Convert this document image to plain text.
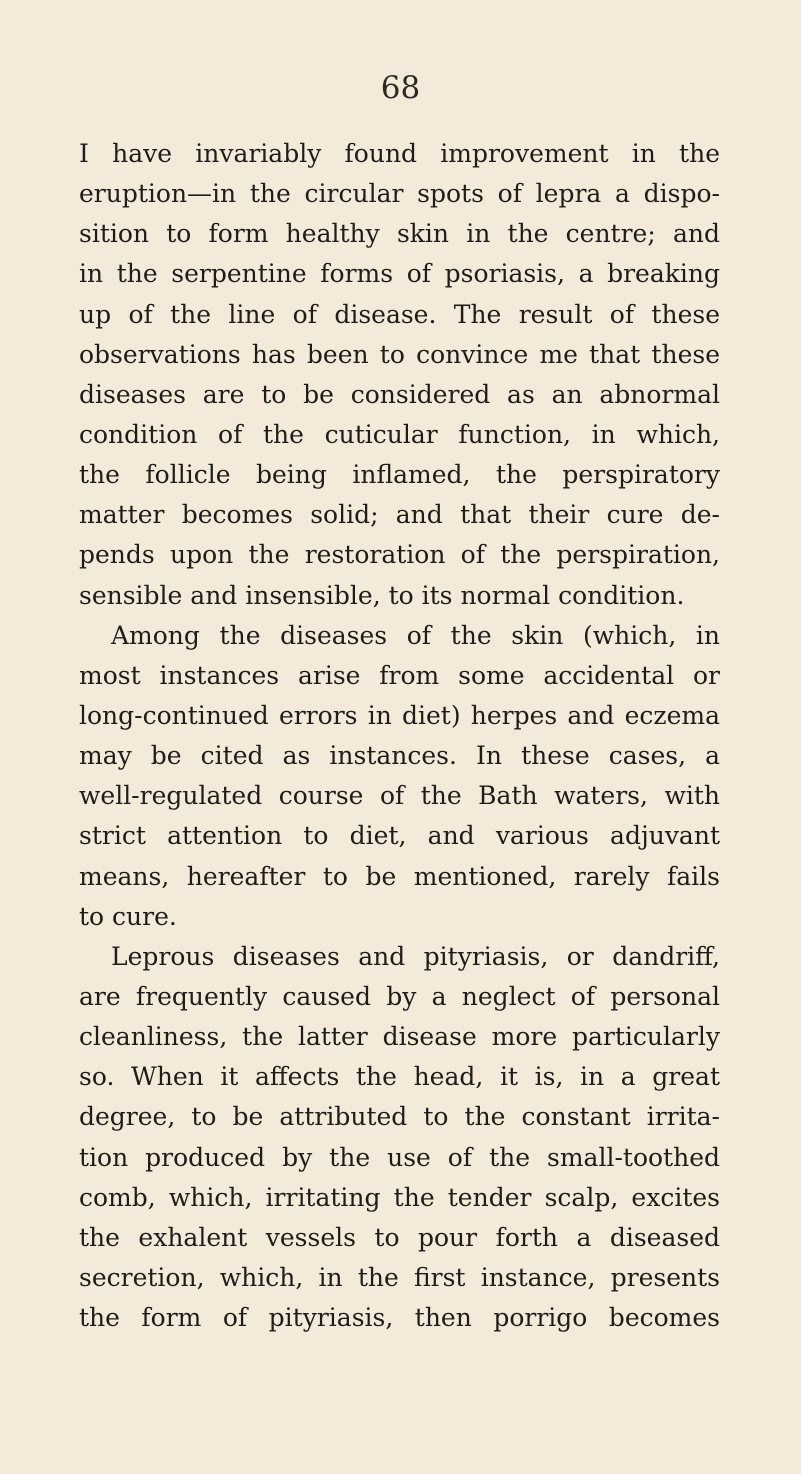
68
I have invariably found improvement in the
eruption—in the circular spots of lepra a dispo-
sition to form healthy skin in the centre; and
in the serpentine forms of psoriasis, a breaking
up of the line of disease. The result of these
observations has been to convince me that these
diseases are to be considered as an abnormal
condition of the cuticular function, in which,
the follicle being inflamed, the perspiratory
matter becomes solid; and that their cure de-
pends upon the restoration of the perspiration,
sensible and insensible, to its normal condition.
Among the diseases of the skin (which, in
most instances arise from some accidental or
long-continued errors in diet) herpes and eczema
may be cited as instances. In these cases, a
well-regulated course of the Bath waters, with
strict attention to diet, and various adjuvant
means, hereafter to be mentioned, rarely fails
to cure.
Leprous diseases and pityriasis, or dandriff,
are frequently caused by a neglect of personal
cleanliness, the latter disease more particularly
so. When it affects the head, it is, in a great
degree, to be attributed to the constant irrita-
tion produced by the use of the small-toothed
comb, which, irritating the tender scalp, excites
the exhalent vessels to pour forth a diseased
secretion, which, in the first instance, presents
the form of pityriasis, then porrigo becomes
